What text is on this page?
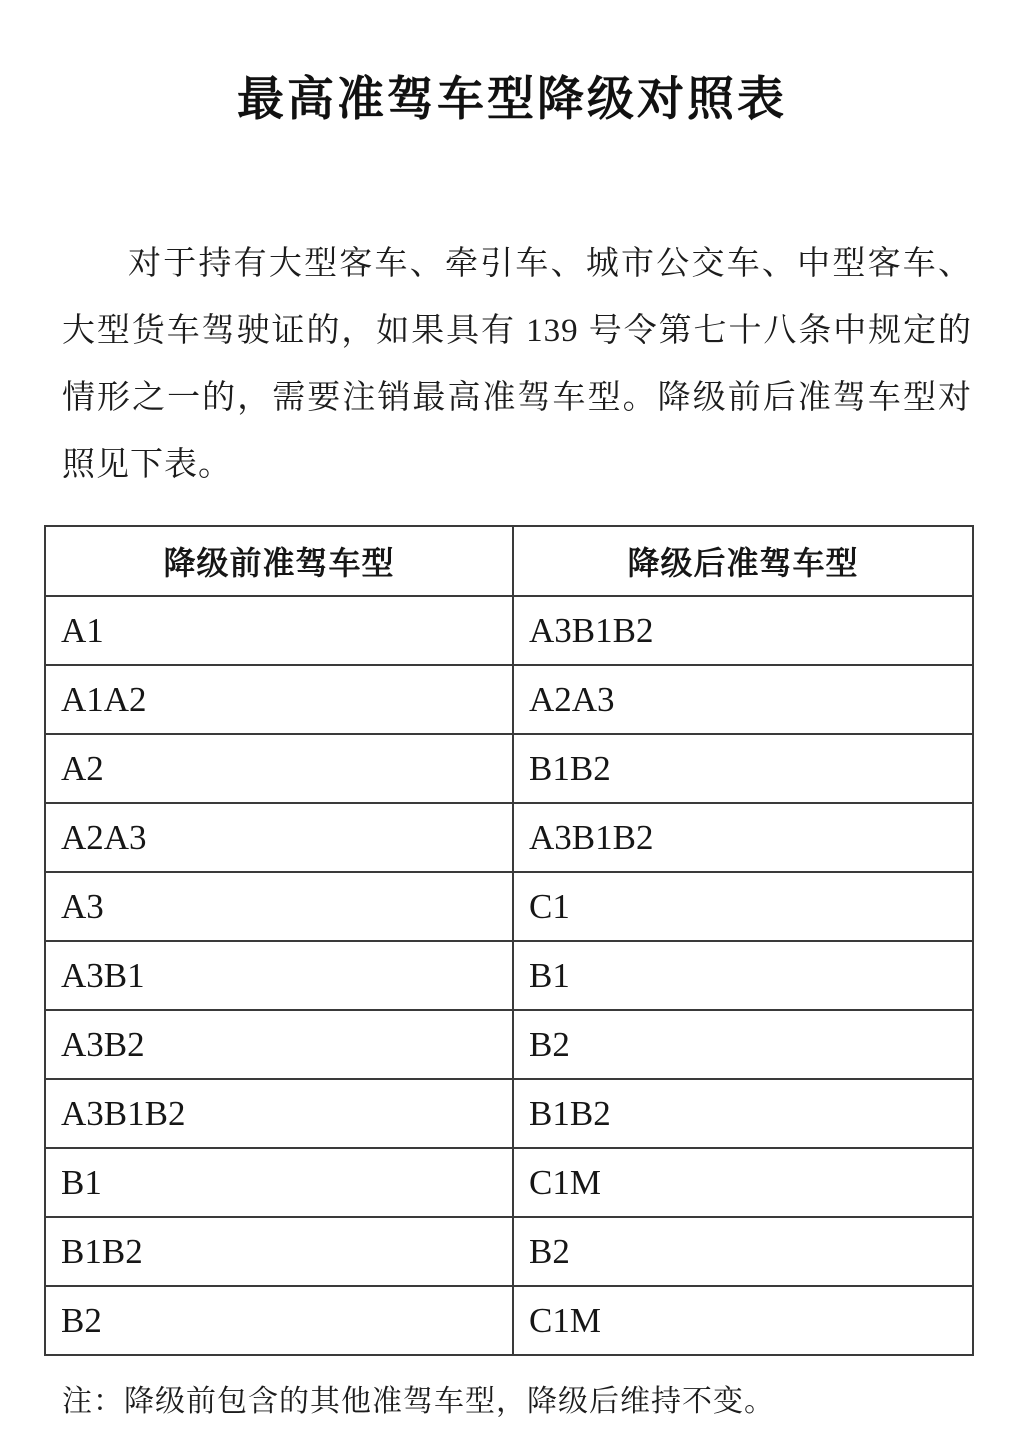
最高准驾车型降级对照表

对于持有大型客车、牵引车、城市公交车、中型客车、大型货车驾驶证的，如果具有 139 号令第七十八条中规定的情形之一的，需要注销最高准驾车型。降级前后准驾车型对照见下表。

降级前准驾车型	降级后准驾车型
A1	A3B1B2
A1A2	A2A3
A2	B1B2
A2A3	A3B1B2
A3	C1
A3B1	B1
A3B2	B2
A3B1B2	B1B2
B1	C1M
B1B2	B2
B2	C1M

注：降级前包含的其他准驾车型，降级后维持不变。
